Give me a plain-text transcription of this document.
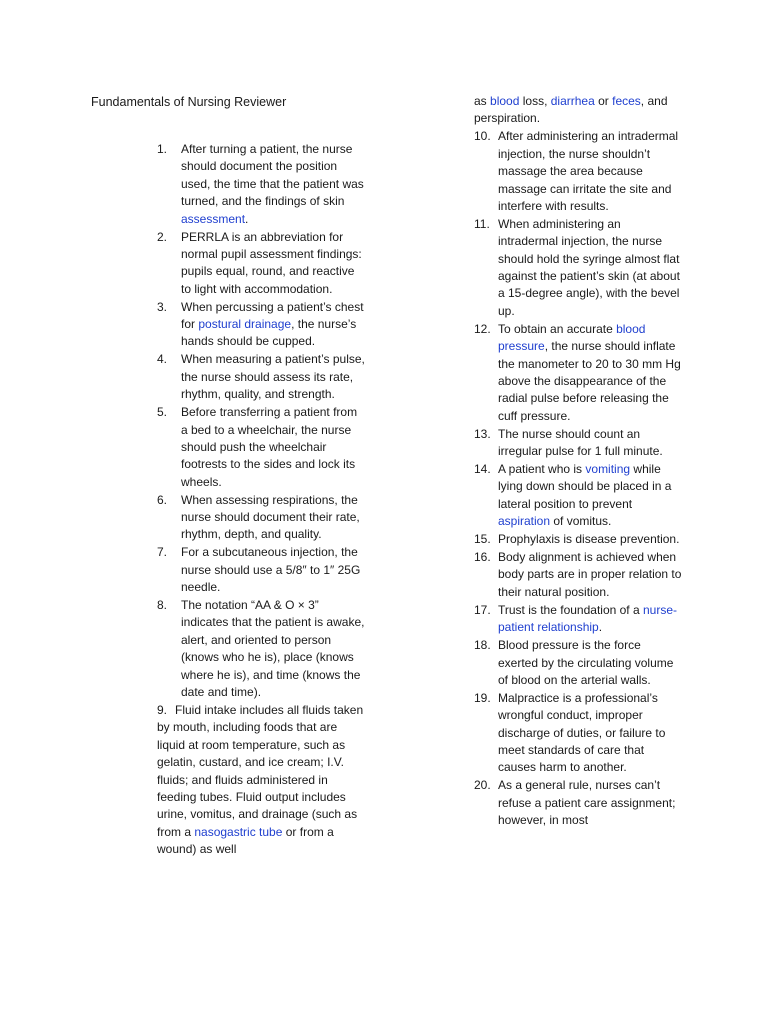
Fundamentals of Nursing Reviewer
1. After turning a patient, the nurse should document the position used, the time that the patient was turned, and the findings of skin assessment.
2. PERRLA is an abbreviation for normal pupil assessment findings: pupils equal, round, and reactive to light with accommodation.
3. When percussing a patient’s chest for postural drainage, the nurse’s hands should be cupped.
4. When measuring a patient’s pulse, the nurse should assess its rate, rhythm, quality, and strength.
5. Before transferring a patient from a bed to a wheelchair, the nurse should push the wheelchair footrests to the sides and lock its wheels.
6. When assessing respirations, the nurse should document their rate, rhythm, depth, and quality.
7. For a subcutaneous injection, the nurse should use a 5/8″ to 1″ 25G needle.
8. The notation “AA & O × 3” indicates that the patient is awake, alert, and oriented to person (knows who he is), place (knows where he is), and time (knows the date and time).
9. Fluid intake includes all fluids taken by mouth, including foods that are liquid at room temperature, such as gelatin, custard, and ice cream; I.V. fluids; and fluids administered in feeding tubes. Fluid output includes urine, vomitus, and drainage (such as from a nasogastric tube or from a wound) as well
as blood loss, diarrhea or feces, and perspiration.
10. After administering an intradermal injection, the nurse shouldn’t massage the area because massage can irritate the site and interfere with results.
11. When administering an intradermal injection, the nurse should hold the syringe almost flat against the patient’s skin (at about a 15-degree angle), with the bevel up.
12. To obtain an accurate blood pressure, the nurse should inflate the manometer to 20 to 30 mm Hg above the disappearance of the radial pulse before releasing the cuff pressure.
13. The nurse should count an irregular pulse for 1 full minute.
14. A patient who is vomiting while lying down should be placed in a lateral position to prevent aspiration of vomitus.
15. Prophylaxis is disease prevention.
16. Body alignment is achieved when body parts are in proper relation to their natural position.
17. Trust is the foundation of a nurse-patient relationship.
18. Blood pressure is the force exerted by the circulating volume of blood on the arterial walls.
19. Malpractice is a professional’s wrongful conduct, improper discharge of duties, or failure to meet standards of care that causes harm to another.
20. As a general rule, nurses can’t refuse a patient care assignment; however, in most
